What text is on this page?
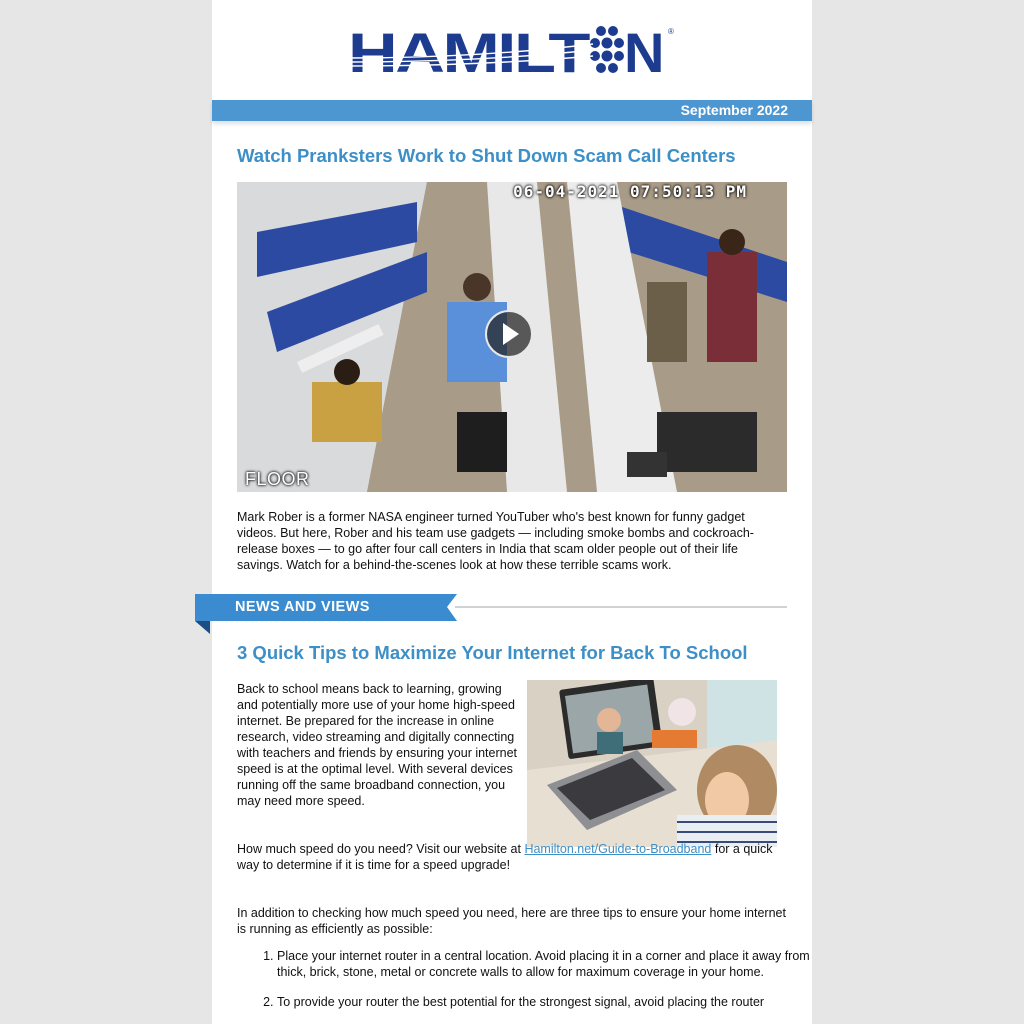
HAMILT N ®
September 2022
Watch Pranksters Work to Shut Down Scam Call Centers
06-04-2021 07:50:13 PM
FLOOR

Mark Rober is a former NASA engineer turned YouTuber who's best known for funny gadget videos. But here, Rober and his team use gadgets — including smoke bombs and cockroach-release boxes — to go after four call centers in India that scam older people out of their life savings. Watch for a behind-the-scenes look at how these terrible scams work.

NEWS AND VIEWS
3 Quick Tips to Maximize Your Internet for Back To School

Back to school means back to learning, growing and potentially more use of your home high-speed internet. Be prepared for the increase in online research, video streaming and digitally connecting with teachers and friends by ensuring your internet speed is at the optimal level. With several devices running off the same broadband connection, you may need more speed.

How much speed do you need? Visit our website at Hamilton.net/Guide-to-Broadband for a quick way to determine if it is time for a speed upgrade!

In addition to checking how much speed you need, here are three tips to ensure your home internet is running as efficiently as possible:

1. Place your internet router in a central location. Avoid placing it in a corner and place it away from thick, brick, stone, metal or concrete walls to allow for maximum coverage in your home.
2. To provide your router the best potential for the strongest signal, avoid placing the router
